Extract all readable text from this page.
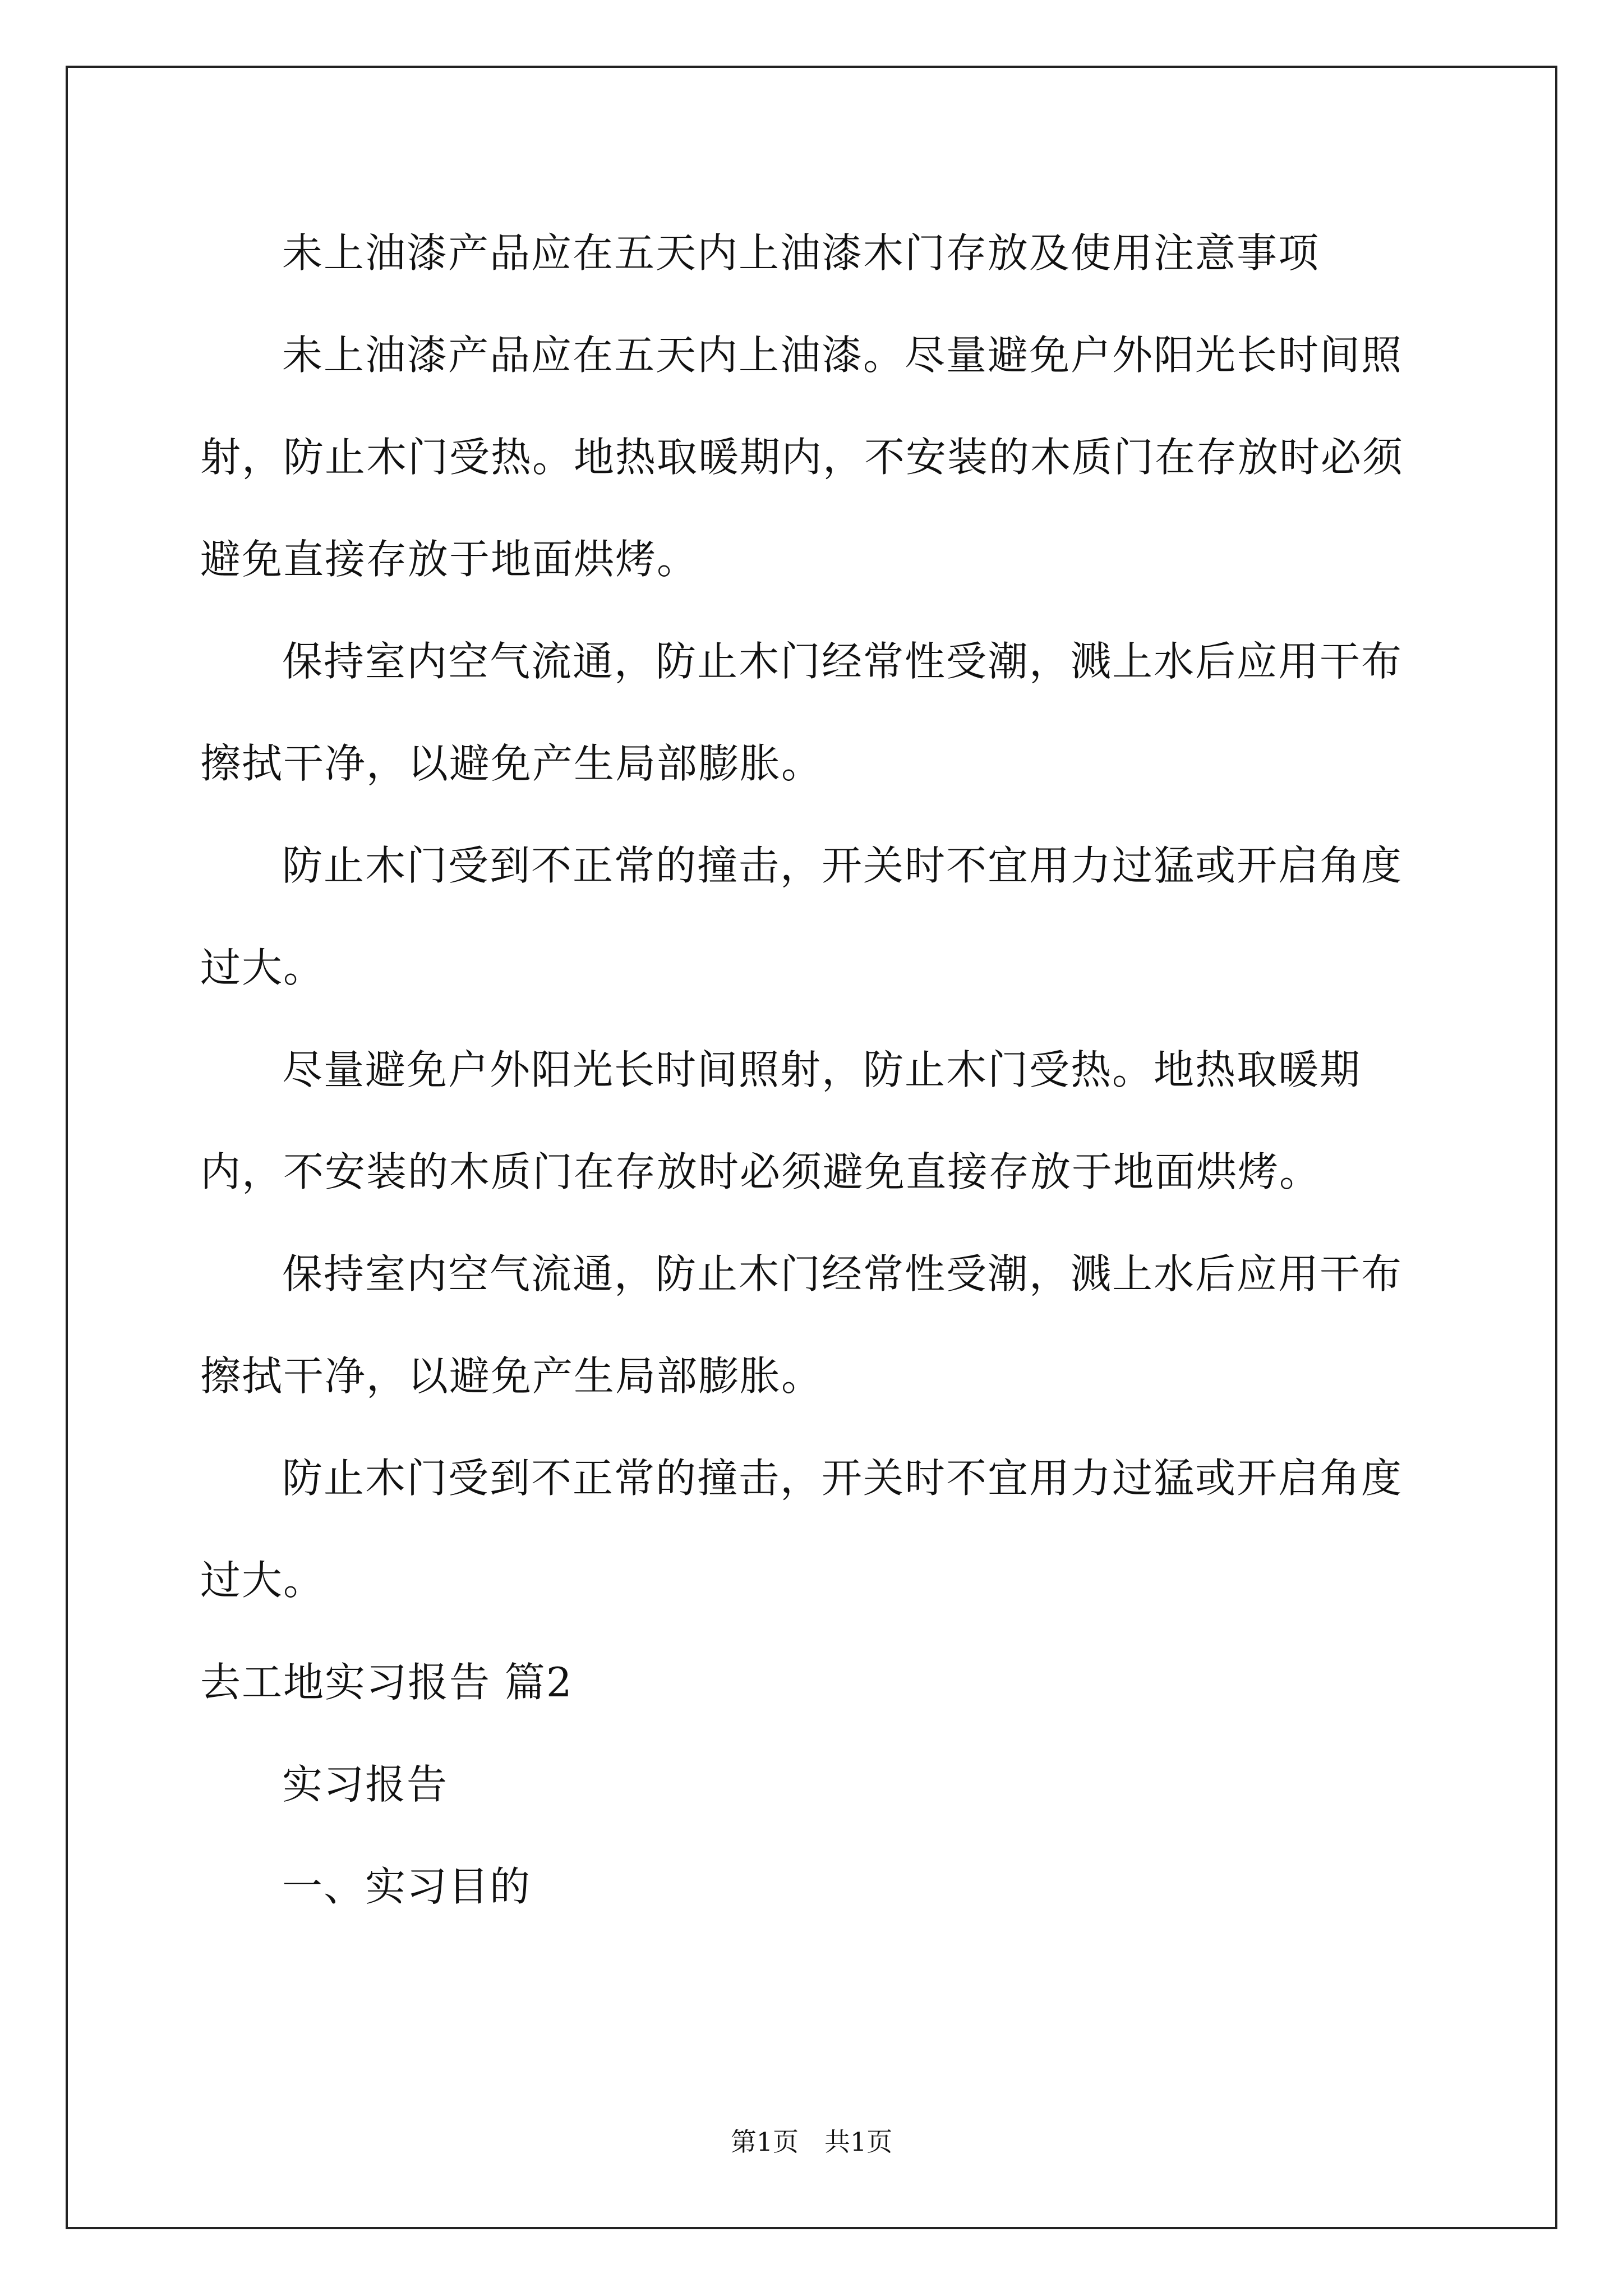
未上油漆产品应在五天内上油漆木门存放及使用注意事项

未上油漆产品应在五天内上油漆。尽量避免户外阳光长时间照射，防止木门受热。地热取暖期内，不安装的木质门在存放时必须避免直接存放于地面烘烤。

保持室内空气流通，防止木门经常性受潮，溅上水后应用干布擦拭干净，以避免产生局部膨胀。

防止木门受到不正常的撞击，开关时不宜用力过猛或开启角度过大。

尽量避免户外阳光长时间照射，防止木门受热。地热取暖期内，不安装的木质门在存放时必须避免直接存放于地面烘烤。

保持室内空气流通，防止木门经常性受潮，溅上水后应用干布擦拭干净，以避免产生局部膨胀。

防止木门受到不正常的撞击，开关时不宜用力过猛或开启角度过大。

去工地实习报告 篇2

实习报告

一、实习目的

第1页　共1页
